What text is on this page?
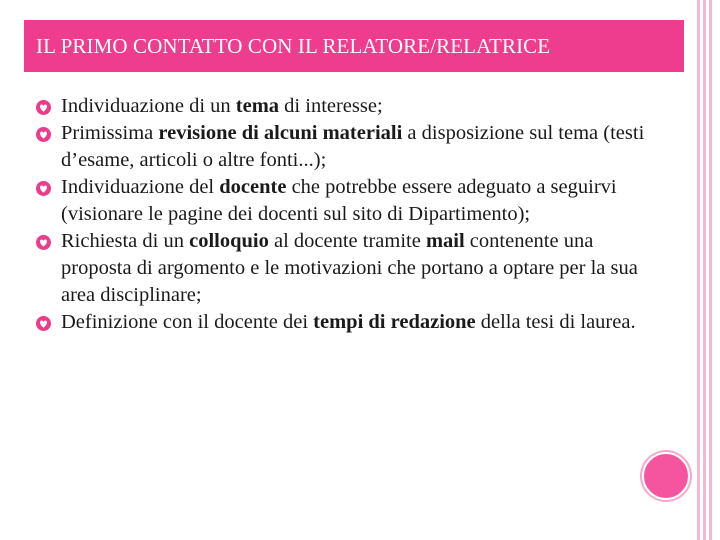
IL PRIMO CONTATTO CON IL RELATORE/RELATRICE
Individuazione di un tema di interesse;
Primissima revisione di alcuni materiali a disposizione sul tema (testi d’esame, articoli o altre fonti...);
Individuazione del docente che potrebbe essere adeguato a seguirvi (visionare le pagine dei docenti sul sito di Dipartimento);
Richiesta di un colloquio al docente tramite mail contenente una proposta di argomento e le motivazioni che portano a optare per la sua area disciplinare;
Definizione con il docente dei tempi di redazione della tesi di laurea.
